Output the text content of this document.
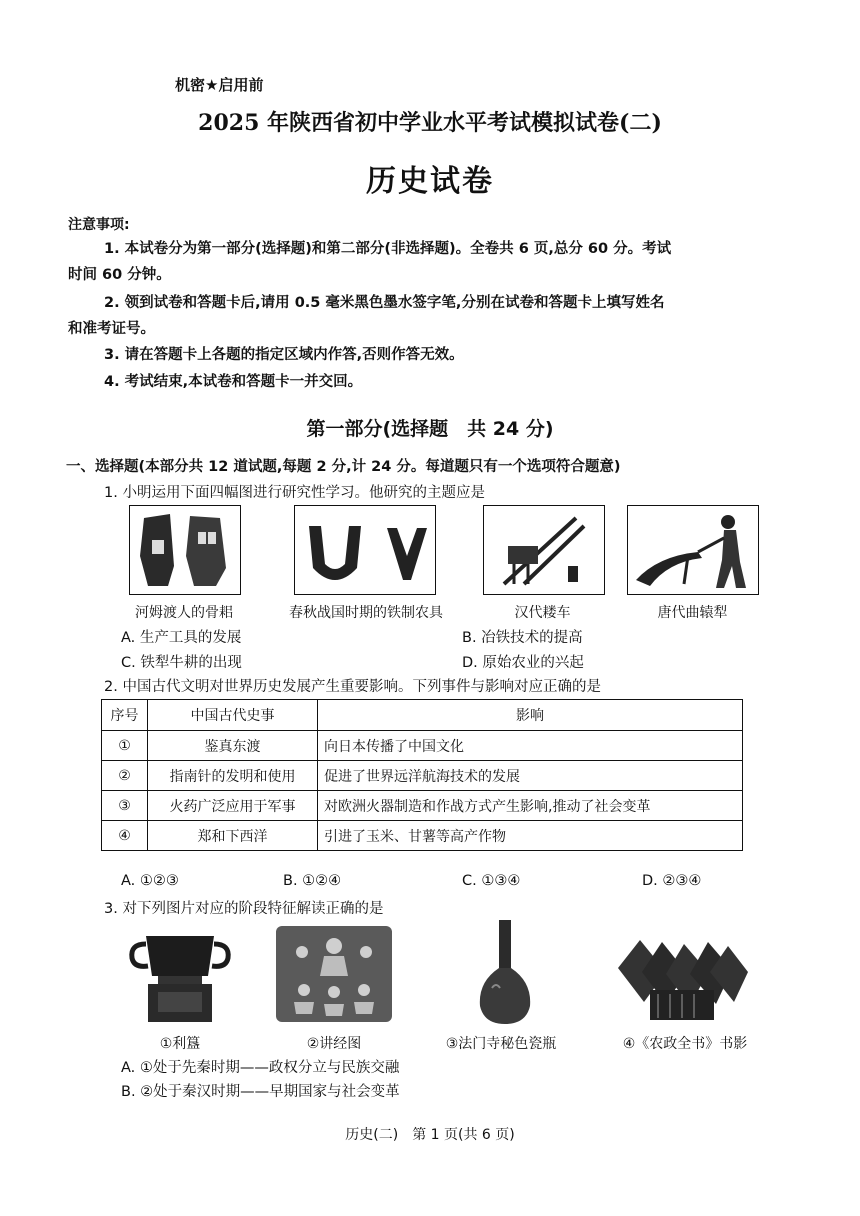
机密★启用前
2025 年陕西省初中学业水平考试模拟试卷(二)
历史试卷
注意事项:
1. 本试卷分为第一部分(选择题)和第二部分(非选择题)。全卷共 6 页,总分 60 分。考试
时间 60 分钟。
2. 领到试卷和答题卡后,请用 0.5 毫米黑色墨水签字笔,分别在试卷和答题卡上填写姓名
和准考证号。
3. 请在答题卡上各题的指定区域内作答,否则作答无效。
4. 考试结束,本试卷和答题卡一并交回。
第一部分(选择题　共 24 分)
一、选择题(本部分共 12 道试题,每题 2 分,计 24 分。每道题只有一个选项符合题意)
1. 小明运用下面四幅图进行研究性学习。他研究的主题应是
河姆渡人的骨耜	春秋战国时期的铁制农具	汉代耧车	唐代曲辕犁
A. 生产工具的发展	B. 冶铁技术的提高
C. 铁犁牛耕的出现	D. 原始农业的兴起
2. 中国古代文明对世界历史发展产生重要影响。下列事件与影响对应正确的是
序号	中国古代史事	影响
①	鉴真东渡	向日本传播了中国文化
②	指南针的发明和使用	促进了世界远洋航海技术的发展
③	火药广泛应用于军事	对欧洲火器制造和作战方式产生影响,推动了社会变革
④	郑和下西洋	引进了玉米、甘薯等高产作物
A. ①②③	B. ①②④	C. ①③④	D. ②③④
3. 对下列图片对应的阶段特征解读正确的是
①利簋	②讲经图	③法门寺秘色瓷瓶	④《农政全书》书影
A. ①处于先秦时期——政权分立与民族交融
B. ②处于秦汉时期——早期国家与社会变革
历史(二)　第 1 页(共 6 页)
